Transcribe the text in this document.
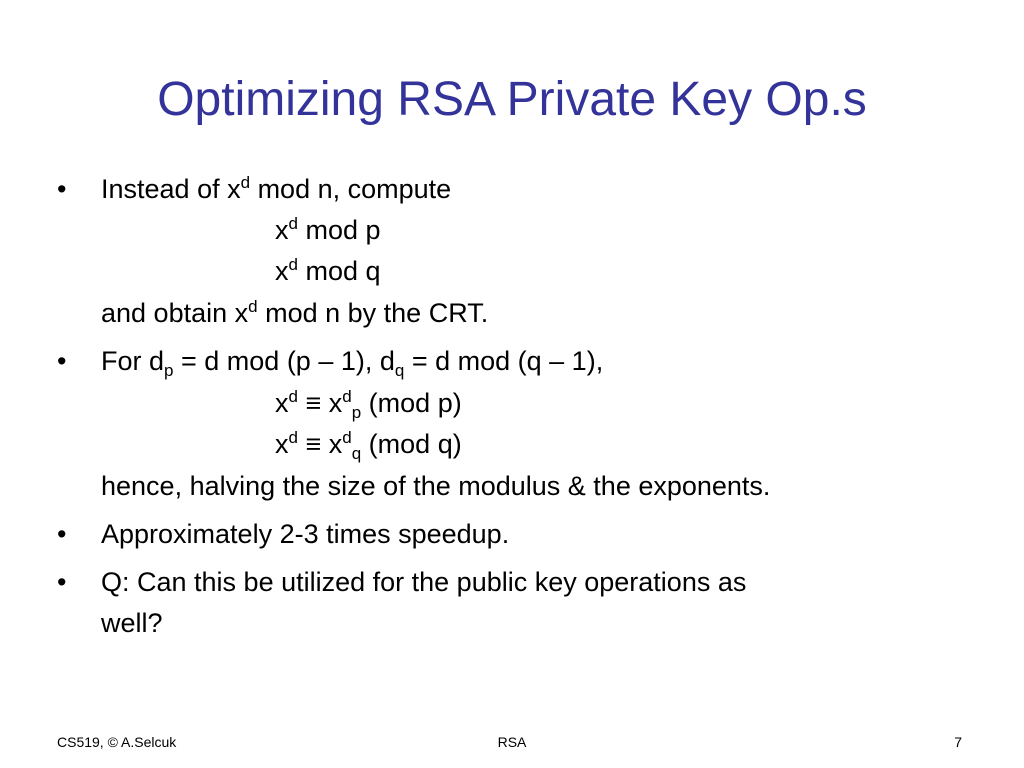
Optimizing RSA Private Key Op.s
• Instead of $x^d$ mod n, compute
$x^d$ mod p
$x^d$ mod q
and obtain $x^d$ mod n by the CRT.
• For $d_p = d$ mod (p – 1), $d_q = d$ mod (q – 1),
$x^d \equiv x^d_p$ (mod p)
$x^d \equiv x^d_q$ (mod q)
hence, halving the size of the modulus & the exponents.
• Approximately 2-3 times speedup.
• Q: Can this be utilized for the public key operations as
well?
CS519, © A.Selcuk	RSA	7
